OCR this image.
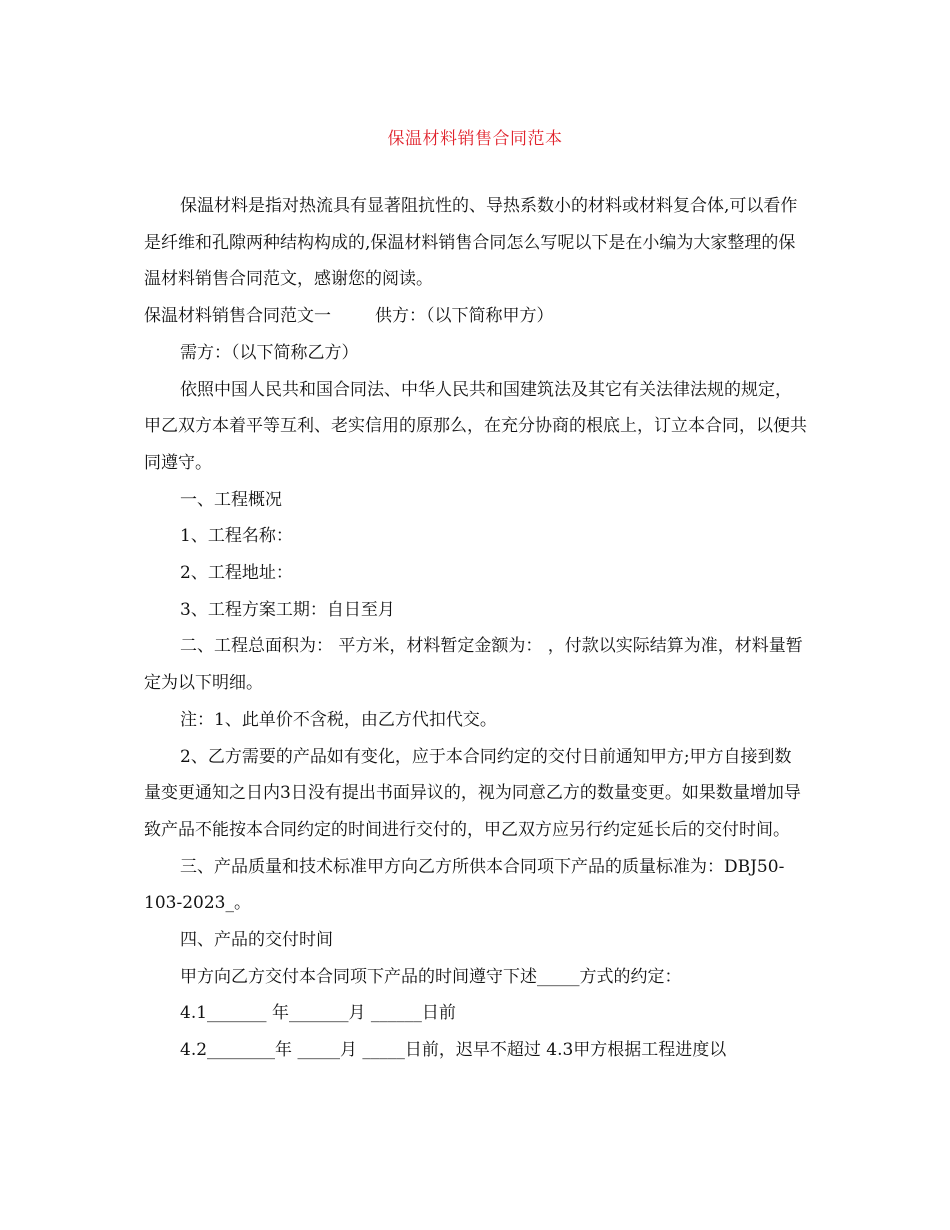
保温材料销售合同范本

保温材料是指对热流具有显著阻抗性的、导热系数小的材料或材料复合体,可以看作是纤维和孔隙两种结构构成的,保温材料销售合同怎么写呢以下是在小编为大家整理的保温材料销售合同范文，感谢您的阅读。

保温材料销售合同范文一	供方：（以下简称甲方）

需方：（以下简称乙方）

依照中国人民共和国合同法、中华人民共和国建筑法及其它有关法律法规的规定，甲乙双方本着平等互利、老实信用的原那么，在充分协商的根底上，订立本合同，以便共同遵守。

一、工程概况

1、工程名称：

2、工程地址：

3、工程方案工期：自日至月

二、工程总面积为： 平方米，材料暂定金额为： ，付款以实际结算为准，材料量暂定为以下明细。

注：1、此单价不含税，由乙方代扣代交。

2、乙方需要的产品如有变化，应于本合同约定的交付日前通知甲方;甲方自接到数量变更通知之日内3日没有提出书面异议的，视为同意乙方的数量变更。如果数量增加导致产品不能按本合同约定的时间进行交付的，甲乙双方应另行约定延长后的交付时间。

三、产品质量和技术标准甲方向乙方所供本合同项下产品的质量标准为：DBJ50-103-2023_。

四、产品的交付时间

甲方向乙方交付本合同项下产品的时间遵守下述_____方式的约定：

4.1_______ 年_______月 ______日前

4.2________年 _____月 _____日前，迟早不超过 4.3甲方根据工程进度以
